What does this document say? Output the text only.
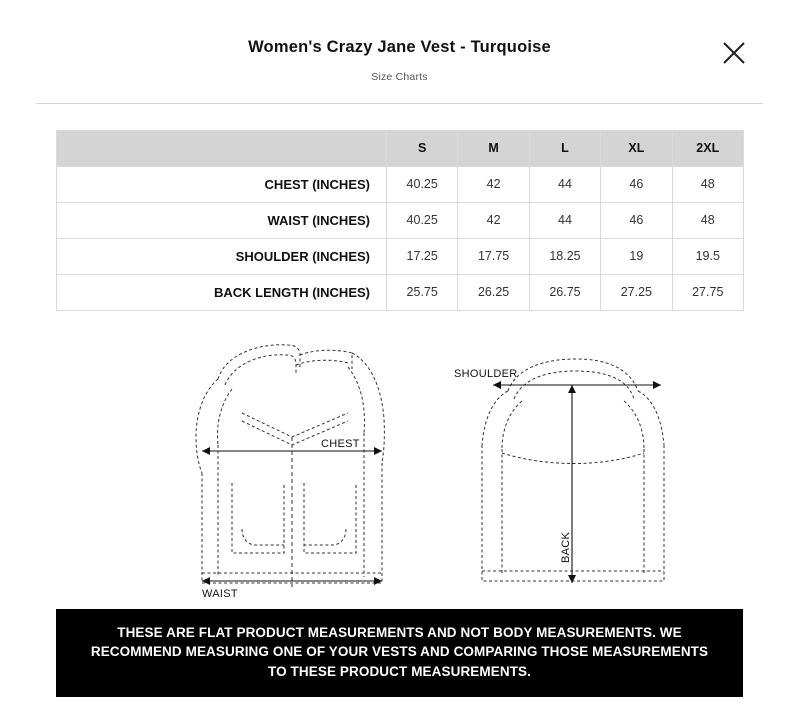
Women's Crazy Jane Vest - Turquoise
Size Charts
	S	M	L	XL	2XL
CHEST (INCHES)	40.25	42	44	46	48
WAIST (INCHES)	40.25	42	44	46	48
SHOULDER (INCHES)	17.25	17.75	18.25	19	19.5
BACK LENGTH (INCHES)	25.75	26.25	26.75	27.25	27.75
CHEST
WAIST
SHOULDER
BACK
THESE ARE FLAT PRODUCT MEASUREMENTS AND NOT BODY MEASUREMENTS. WE RECOMMEND MEASURING ONE OF YOUR VESTS AND COMPARING THOSE MEASUREMENTS TO THESE PRODUCT MEASUREMENTS.
